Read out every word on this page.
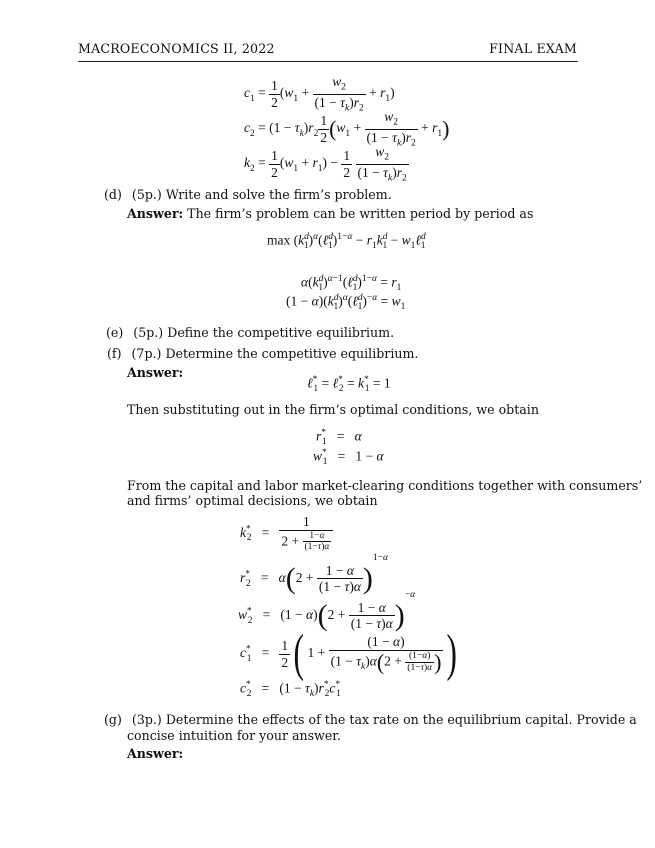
MACROECONOMICS II, 2022	FINAL EXAM
$c_1 = \frac{1}{2} (w_1 + \frac{w_2}{(1 - \tau_k)r_2} + r_1)$
$c_2 = (1 - \tau_k)r_2 \frac{1}{2} (w_1 + \frac{w_2}{(1 - \tau_k)r_2} + r_1)$
$k_2 = \frac{1}{2} (w_1 + r_1) - \frac{1}{2}$
$\frac{w_2}{(1 - \tau_k)r_2}$
(d) (5p.) Write and solve the firm’s problem.
Answer: The firm’s problem can be written period by period as
$\max (k^d_1)^\alpha(\ell^d_1)^{1-\alpha} - r_1k^d_1$ − $w_1\ell^d_1$
$\alpha(k^d_1)^{\alpha-1}(\ell^d_1)^{1-\alpha} = r_1$
$(1 - \alpha)(k^d_1)^\alpha(\ell^d_1)^{-\alpha} = w_1$
(e) (5p.) Define the competitive equilibrium.
(f) (7p.) Determine the competitive equilibrium.
Answer:
ℓ*$_1$ = ℓ*$_2$ = $k^*_1 = 1$
Then substituting out in the firm’s optimal conditions, we obtain
$r^*_1 = \alpha$
$w^*_1 = 1 - \alpha$
From the capital and labor market-clearing conditions together with consumers’
and firms’ optimal decisions, we obtain
$k^*_2 = \frac{1}{2 + \frac{1-\alpha}{(1-\tau)\alpha}}$
$r^*_2 = \alpha(2 + \frac{1 - \alpha}{(1 - \tau)\alpha} )^{1-\alpha}$
$w^*_2 = (1 - \alpha)(2 + \frac{1 - \alpha}{(1 - \tau)\alpha} )^{-\alpha}$
$c^*_1 = \frac{1}{2}$ ( $1 + \frac{(1 - \alpha)}{(1 - \tau_k)\alpha(2 + \frac{(1-\alpha)}{(1-\tau)\alpha} )}$ )
$c^*_2 = (1 - \tau_k)r^*_2c^*_1$
(g) (3p.) Determine the effects of the tax rate on the equilibrium capital. Provide a
concise intuition for your answer.
Answer:
